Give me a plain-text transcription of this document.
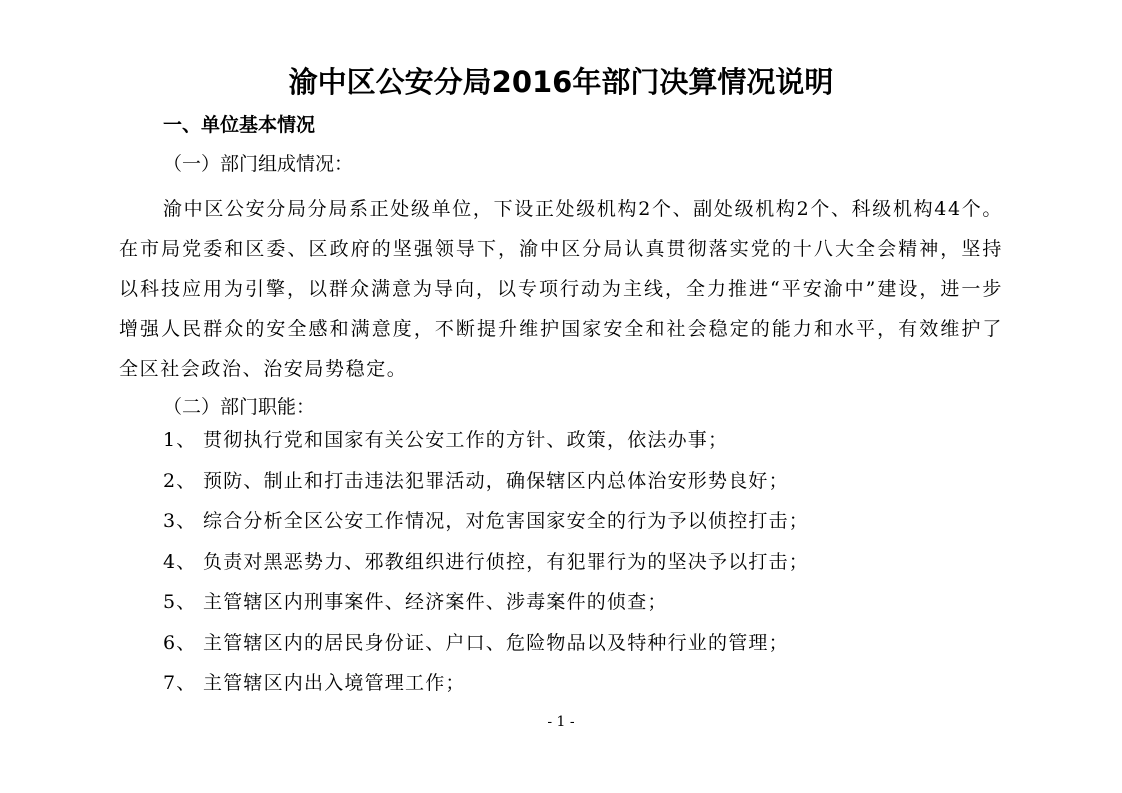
渝中区公安分局2016年部门决算情况说明
一、单位基本情况
（一）部门组成情况：
渝中区公安分局分局系正处级单位，下设正处级机构2个、副处级机构2个、科级机构44个。在市局党委和区委、区政府的坚强领导下，渝中区分局认真贯彻落实党的十八大全会精神，坚持以科技应用为引擎，以群众满意为导向，以专项行动为主线，全力推进“平安渝中”建设，进一步增强人民群众的安全感和满意度，不断提升维护国家安全和社会稳定的能力和水平，有效维护了全区社会政治、治安局势稳定。
（二）部门职能：
1、 贯彻执行党和国家有关公安工作的方针、政策，依法办事；
2、 预防、制止和打击违法犯罪活动，确保辖区内总体治安形势良好；
3、 综合分析全区公安工作情况，对危害国家安全的行为予以侦控打击；
4、 负责对黑恶势力、邪教组织进行侦控，有犯罪行为的坚决予以打击；
5、 主管辖区内刑事案件、经济案件、涉毒案件的侦查；
6、 主管辖区内的居民身份证、户口、危险物品以及特种行业的管理；
7、 主管辖区内出入境管理工作；
- 1 -
